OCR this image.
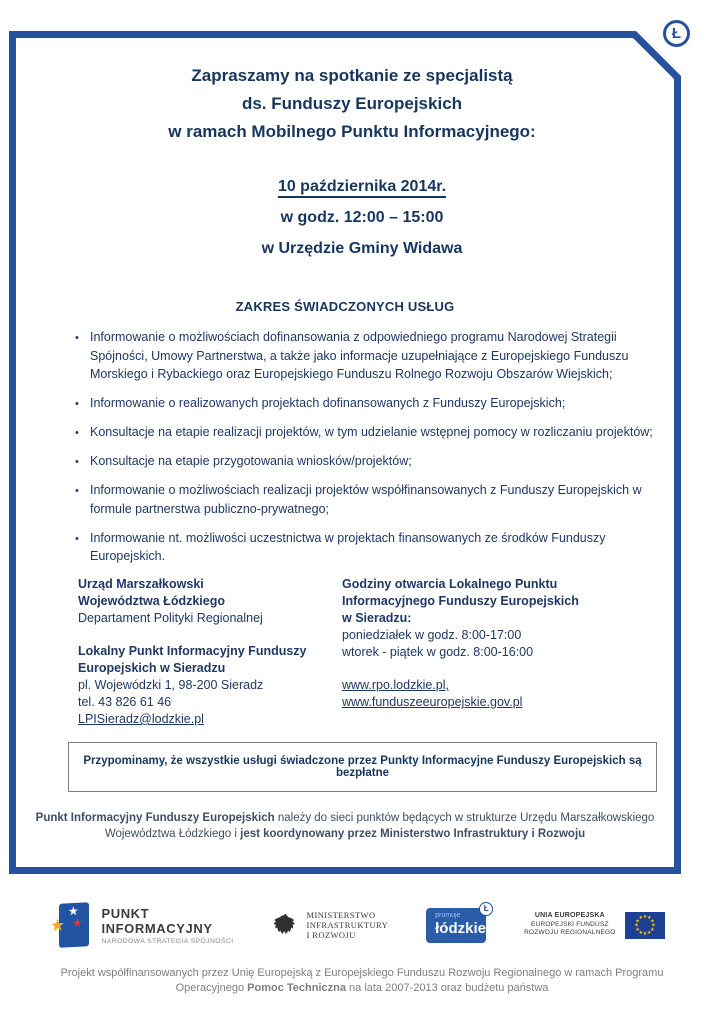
Ł
Zapraszamy na spotkanie ze specjalistą
ds. Funduszy Europejskich
w ramach Mobilnego Punktu Informacyjnego:
10 października 2014r.
w godz. 12:00 – 15:00
w Urzędzie Gminy Widawa
ZAKRES ŚWIADCZONYCH USŁUG
• Informowanie o możliwościach dofinansowania z odpowiedniego programu Narodowej Strategii Spójności, Umowy Partnerstwa, a także jako informacje uzupełniające z Europejskiego Funduszu Morskiego i Rybackiego oraz Europejskiego Funduszu Rolnego Rozwoju Obszarów Wiejskich;
• Informowanie o realizowanych projektach dofinansowanych z Funduszy Europejskich;
• Konsultacje na etapie realizacji projektów, w tym udzielanie wstępnej pomocy w rozliczaniu projektów;
• Konsultacje na etapie przygotowania wniosków/projektów;
• Informowanie o możliwościach realizacji projektów współfinansowanych z Funduszy Europejskich w formule partnerstwa publiczno-prywatnego;
• Informowanie nt. możliwości uczestnictwa w projektach finansowanych ze środków Funduszy Europejskich.
Urząd Marszałkowski
Województwa Łódzkiego
Departament Polityki Regionalnej
Lokalny Punkt Informacyjny Funduszy
Europejskich w Sieradzu
pl. Wojewódzki 1, 98-200 Sieradz
tel. 43 826 61 46
LPISieradz@lodzkie.pl
Godziny otwarcia Lokalnego Punktu
Informacyjnego Funduszy Europejskich
w Sieradzu:
poniedziałek w godz. 8:00-17:00
wtorek - piątek w godz. 8:00-16:00
www.rpo.lodzkie.pl,
www.funduszeeuropejskie.gov.pl
Przypominamy, że wszystkie usługi świadczone przez Punkty Informacyjne Funduszy Europejskich są bezpłatne
Punkt Informacyjny Funduszy Europejskich należy do sieci punktów będących w strukturze Urzędu Marszałkowskiego Województwa Łódzkiego i jest koordynowany przez Ministerstwo Infrastruktury i Rozwoju
★
★ ★
PUNKT
INFORMACYJNY
NARODOWA STRATEGIA SPÓJNOŚCI
MINISTERSTWO
INFRASTRUKTURY
I ROZWOJU
promuje
łódzkie
Ł
UNIA EUROPEJSKA
EUROPEJSKI FUNDUSZ
ROZWOJU REGIONALNEGO
★ ★
★
★
★
★
★
★
★
★
★
★
Projekt współfinansowanych przez Unię Europejską z Europejskiego Funduszu Rozwoju Regionalnego w ramach Programu
Operacyjnego Pomoc Techniczna na lata 2007-2013 oraz budżetu państwa
